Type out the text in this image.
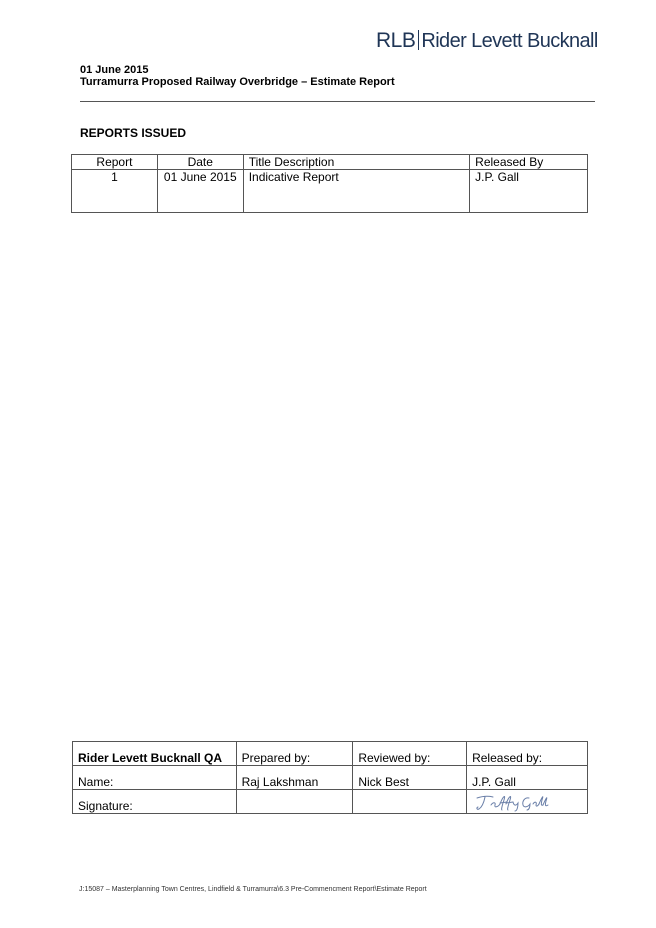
RLB Rider Levett Bucknall
01 June 2015
Turramurra Proposed Railway Overbridge – Estimate Report
REPORTS ISSUED
Report	Date	Title Description	Released By
1	01 June 2015	Indicative Report	J.P. Gall
Rider Levett Bucknall QA	Prepared by:	Reviewed by:	Released by:
Name:	Raj Lakshman	Nick Best	J.P. Gall
Signature:			
J:15087 – Masterplanning Town Centres, Lindfield & Turramurra\6.3 Pre-Commencment Report\Estimate Report
